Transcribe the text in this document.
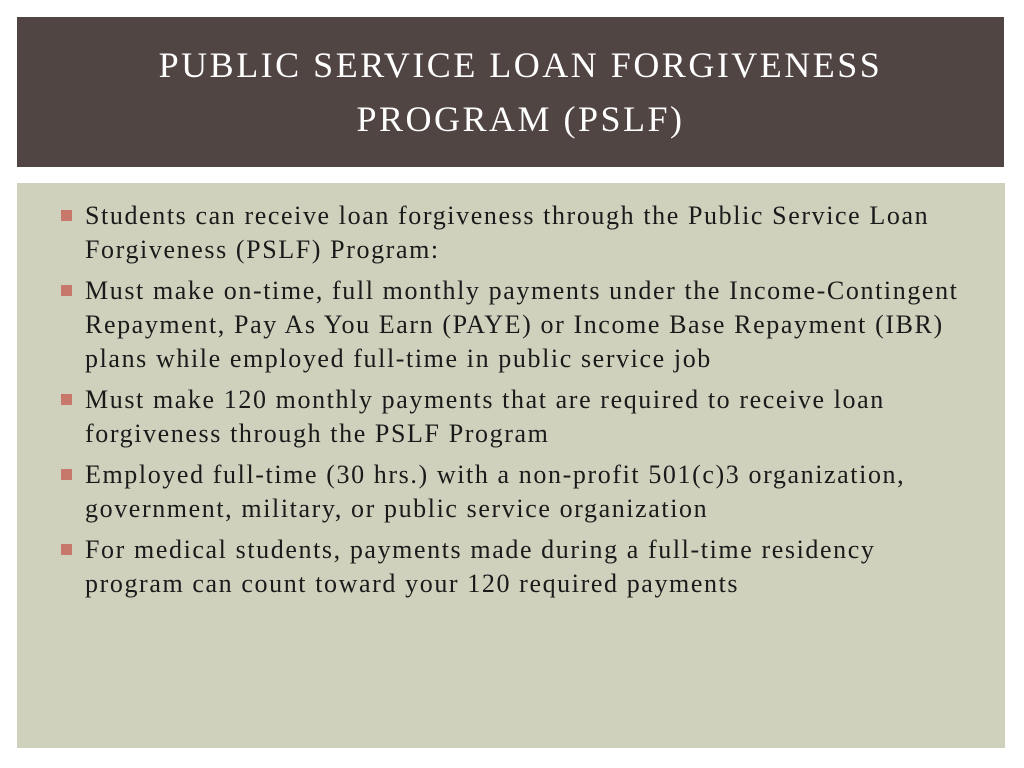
PUBLIC SERVICE LOAN FORGIVENESS PROGRAM (PSLF)
Students can receive loan forgiveness through the Public Service Loan Forgiveness (PSLF) Program:
Must make on-time, full monthly payments under the Income-Contingent Repayment, Pay As You Earn (PAYE) or Income Base Repayment (IBR) plans while employed full-time in public service job
Must make 120 monthly payments that are required to receive loan forgiveness through the PSLF Program
Employed full-time (30 hrs.) with a non-profit 501(c)3 organization, government, military, or public service organization
For medical students, payments made during a full-time residency program can count toward your 120 required payments
